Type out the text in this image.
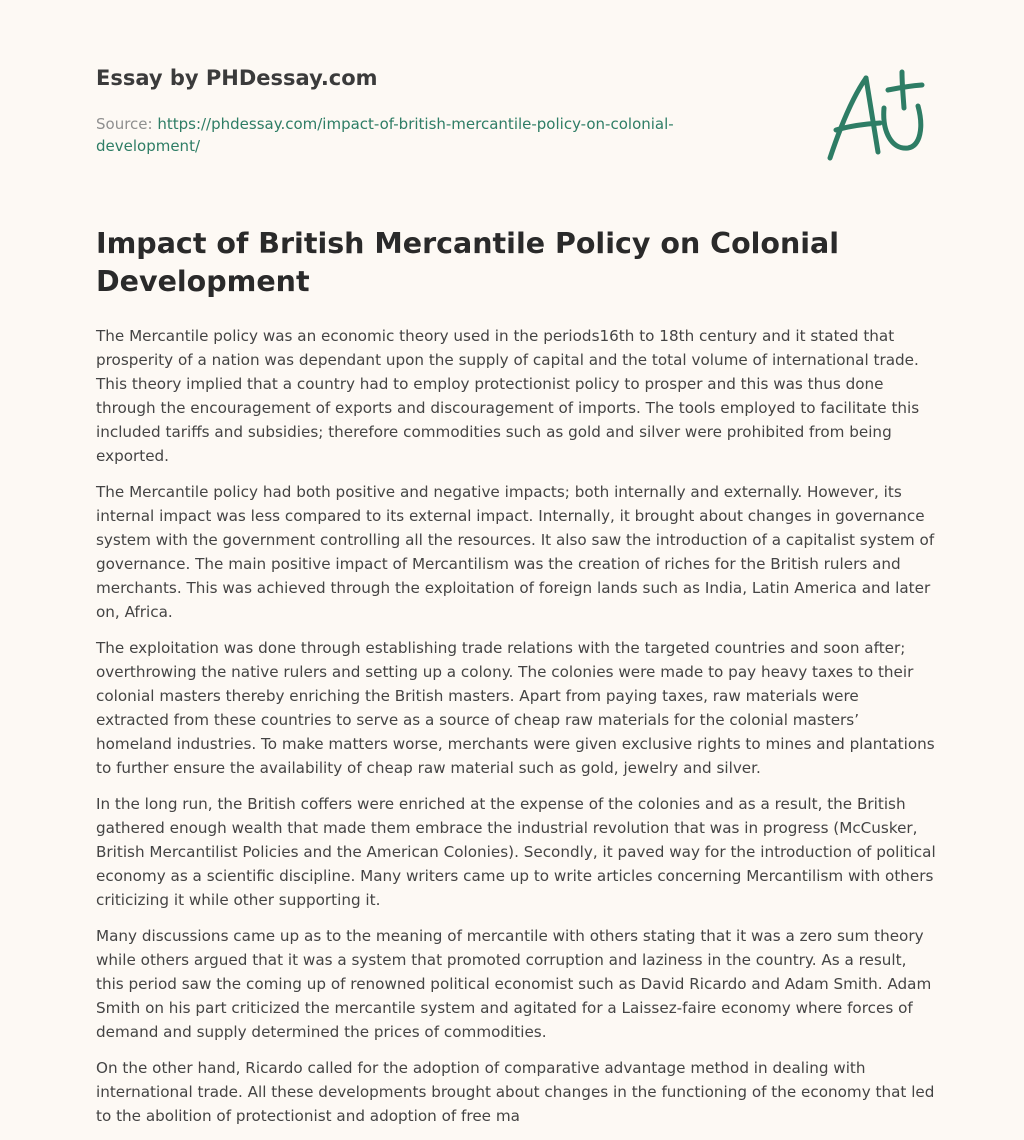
Essay by PHDessay.com

Source: https://phdessay.com/impact-of-british-mercantile-policy-on-colonial-
development/
Impact of British Mercantile Policy on Colonial Development

The Mercantile policy was an economic theory used in the periods16th to 18th century and it stated that prosperity of a nation was dependant upon the supply of capital and the total volume of international trade. This theory implied that a country had to employ protectionist policy to prosper and this was thus done through the encouragement of exports and discouragement of imports. The tools employed to facilitate this included tariffs and subsidies; therefore commodities such as gold and silver were prohibited from being exported.

The Mercantile policy had both positive and negative impacts; both internally and externally. However, its internal impact was less compared to its external impact. Internally, it brought about changes in governance system with the government controlling all the resources. It also saw the introduction of a capitalist system of governance. The main positive impact of Mercantilism was the creation of riches for the British rulers and merchants. This was achieved through the exploitation of foreign lands such as India, Latin America and later on, Africa.

The exploitation was done through establishing trade relations with the targeted countries and soon after; overthrowing the native rulers and setting up a colony. The colonies were made to pay heavy taxes to their colonial masters thereby enriching the British masters. Apart from paying taxes, raw materials were extracted from these countries to serve as a source of cheap raw materials for the colonial masters’ homeland industries. To make matters worse, merchants were given exclusive rights to mines and plantations to further ensure the availability of cheap raw material such as gold, jewelry and silver.

In the long run, the British coffers were enriched at the expense of the colonies and as a result, the British gathered enough wealth that made them embrace the industrial revolution that was in progress (McCusker, British Mercantilist Policies and the American Colonies). Secondly, it paved way for the introduction of political economy as a scientific discipline. Many writers came up to write articles concerning Mercantilism with others criticizing it while other supporting it.

Many discussions came up as to the meaning of mercantile with others stating that it was a zero sum theory while others argued that it was a system that promoted corruption and laziness in the country. As a result, this period saw the coming up of renowned political economist such as David Ricardo and Adam Smith. Adam Smith on his part criticized the mercantile system and agitated for a Laissez-faire economy where forces of demand and supply determined the prices of commodities.

On the other hand, Ricardo called for the adoption of comparative advantage method in dealing with international trade. All these developments brought about changes in the functioning of the economy that led to the abolition of protectionist and adoption of free ma
